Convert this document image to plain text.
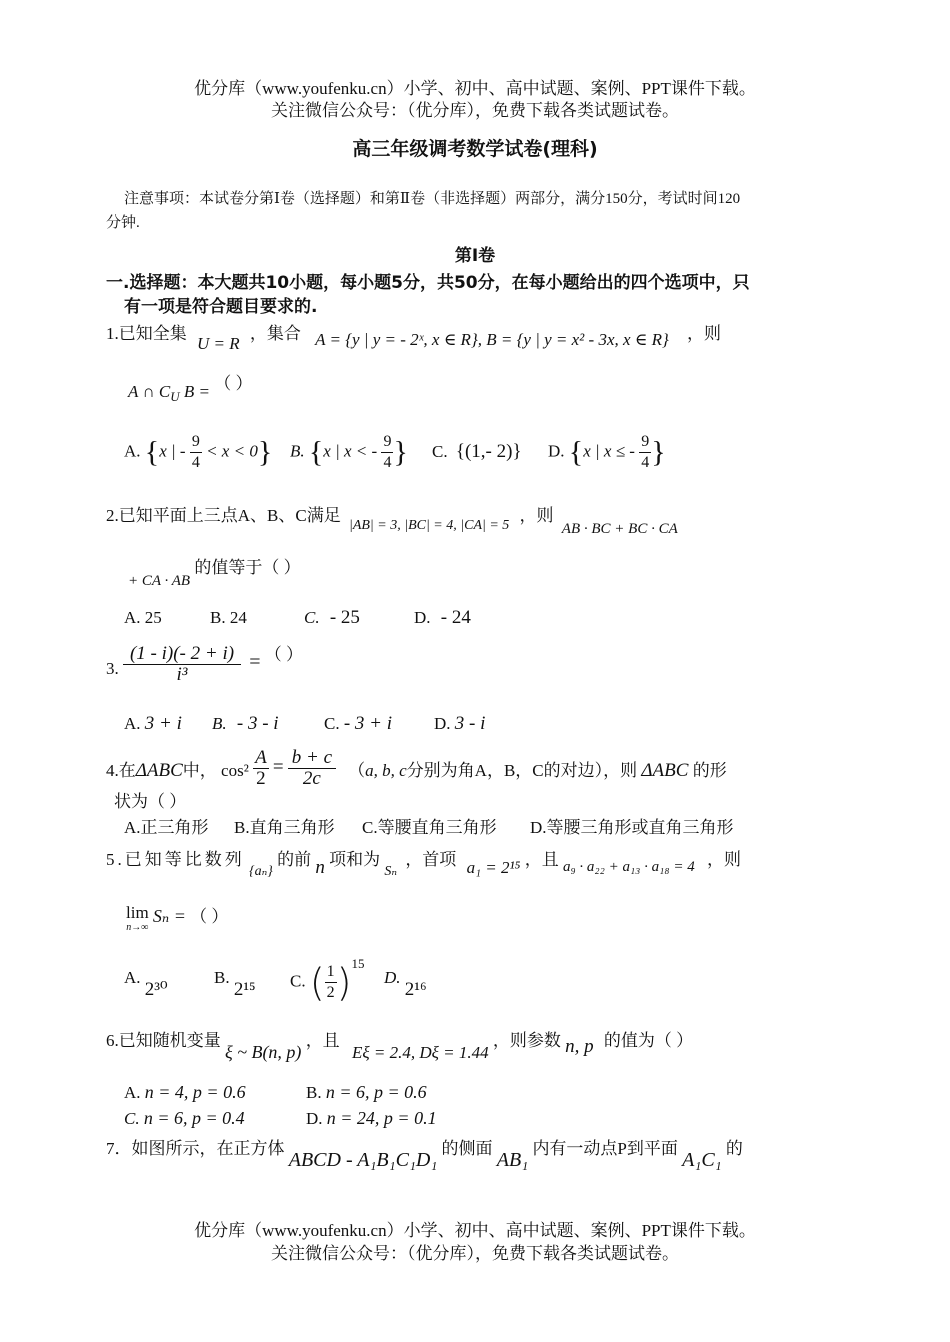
优分库（www.youfenku.cn）小学、初中、高中试题、案例、PPT课件下载。
关注微信公众号：（优分库），免费下载各类试题试卷。
高三年级调考数学试卷(理科)
注意事项：本试卷分第Ⅰ卷（选择题）和第Ⅱ卷（非选择题）两部分，满分150分，考试时间120
分钟.
第Ⅰ卷
一.选择题：本大题共10小题，每小题5分，共50分，在每小题给出的四个选项中，只
有一项是符合题目要求的.
1.已知全集 U = R ，集合 A = {y | y = - 2ˣ, x ∈ R}, B = {y | y = x² - 3x, x ∈ R} ，则
A ∩ $C_U$ B = （ ）
A. {x | - $\frac{9}{4} < x < 0$} B. {x | x < - $\frac{9}{4}$ } C. {(1,- 2)} D. {x | x ≤ - $\frac{9}{4}$ }
2.已知平面上三点A、B、C满足 $_{|AB| = 3, |BC| = 4, |CA| = 5}$ ，则 AB · BC + BC · CA
+ CA · AB 的值等于（ ）
A. 25	B. 24	C. - 25	D. - 24
3. $\frac{(1 - i)(- 2 + i)}{\text{i³}}$ = （ ）
A. 3 + i B. - 3 - i	C. - 3 + i D. 3 - i
4.在ΔABC中， $\cos^2 \frac{A}{2} = \frac{b + c}{2c} (a$, b, c分别为角A，B，C的对边），则 ΔABC 的形
状为（ ）
A.正三角形 B.直角三角形 C.等腰直角三角形 D.等腰三角形或直角三角形
5.已知等比数列 $_{\{a_n\}}$ 的前 n 项和为 $_{S_n}$ ，首项 a₁ = 2¹⁵ ，且 a₉ · a₂₂ + a₁₃ · a₁₈ = 4 ，则
lim
n→∞
Sₙ = （ ）
A. 2³⁰
B. 2¹⁵ C. ( $\frac{1}{2} )^{15}$
D. 2¹⁶
6.已知随机变量 ξ ~ B(n, p) ，且 Eξ = 2.4, Dξ = 1.44 ，则参数 n, p 的值为（ ）
A. n = 4, p = 0.6	B. n = 6, p = 0.6
C. n = 6, p = 0.4	D. n = 24, p = 0.1
7．如图所示，在正方体 ABCD - A₁B₁C₁D₁ 的侧面 AB₁ 内有一动点P到平面 A₁C₁ 的
优分库（www.youfenku.cn）小学、初中、高中试题、案例、PPT课件下载。
关注微信公众号：（优分库），免费下载各类试题试卷。
